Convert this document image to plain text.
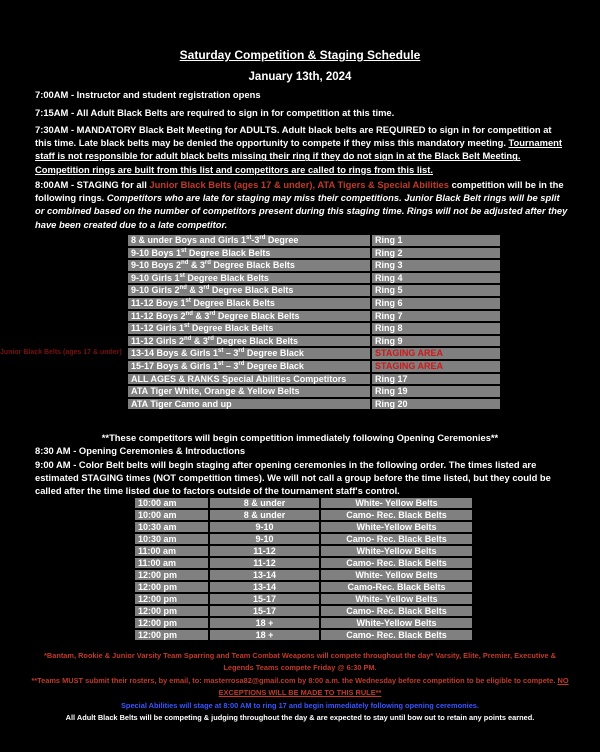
Saturday Competition & Staging Schedule
January 13th, 2024
7:00AM - Instructor and student registration opens
7:15AM - All Adult Black Belts are required to sign in for competition at this time.
7:30AM - MANDATORY Black Belt Meeting for ADULTS. Adult black belts are REQUIRED to sign in for competition at this time. Late black belts may be denied the opportunity to compete if they miss this mandatory meeting. Tournament staff is not responsible for adult black belts missing their ring if they do not sign in at the Black Belt Meeting. Competition rings are built from this list and competitors are called to rings from this list.
Junior Black Belts (ages 17 & under)
8:00AM - STAGING for all Junior Black Belts (ages 17 & under), ATA Tigers & Special Abilities competition will be in the following rings. Competitors who are late for staging may miss their competitions. Junior Black Belt rings will be split or combined based on the number of competitors present during this staging time. Rings will not be adjusted after they have been created due to a late competitor.
8 & under Boys and Girls 1st-3rd Degree	Ring 1
9-10 Boys 1st Degree Black Belts	Ring 2
9-10 Boys 2nd & 3rd Degree Black Belts	Ring 3
9-10 Girls 1st Degree Black Belts	Ring 4
9-10 Girls 2nd & 3rd Degree Black Belts	Ring 5
11-12 Boys 1st Degree Black Belts	Ring 6
11-12 Boys 2nd & 3rd Degree Black Belts	Ring 7
11-12 Girls 1st Degree Black Belts	Ring 8
11-12 Girls 2nd & 3rd Degree Black Belts	Ring 9
13-14 Boys & Girls 1st – 3rd Degree Black	STAGING AREA
15-17 Boys & Girls 1st – 3rd Degree Black	STAGING AREA
ALL AGES & RANKS Special Abilities Competitors	Ring 17
ATA Tiger White, Orange & Yellow Belts	Ring 19
ATA Tiger Camo and up	Ring 20
**These competitors will begin competition immediately following Opening Ceremonies**
8:30 AM - Opening Ceremonies & Introductions
9:00 AM - Color Belt belts will begin staging after opening ceremonies in the following order. The times listed are estimated STAGING times (NOT competition times). We will not call a group before the time listed, but they could be called after the time listed due to factors outside of the tournament staff's control.
10:00 am	8 & under	White- Yellow Belts
10:00 am	8 & under	Camo- Rec. Black Belts
10:30 am	9-10	White-Yellow Belts
10:30 am	9-10	Camo- Rec. Black Belts
11:00 am	11-12	White-Yellow Belts
11:00 am	11-12	Camo- Rec. Black Belts
12:00 pm	13-14	White- Yellow Belts
12:00 pm	13-14	Camo-Rec. Black Belts
12:00 pm	15-17	White- Yellow Belts
12:00 pm	15-17	Camo- Rec. Black Belts
12:00 pm	18 +	White-Yellow Belts
12:00 pm	18 +	Camo- Rec. Black Belts
*Bantam, Rookie & Junior Varsity Team Sparring and Team Combat Weapons will compete throughout the day* Varsity, Elite, Premier, Executive & Legends Teams compete Friday @ 6:30 PM.
**Teams MUST submit their rosters, by email, to: masterrosa82@gmail.com by 8:00 a.m. the Wednesday before competition to be eligible to compete. NO EXCEPTIONS WILL BE MADE TO THIS RULE**
Special Abilities will stage at 8:00 AM to ring 17 and begin immediately following opening ceremonies.
All Adult Black Belts will be competing & judging throughout the day & are expected to stay until bow out to retain any points earned.
